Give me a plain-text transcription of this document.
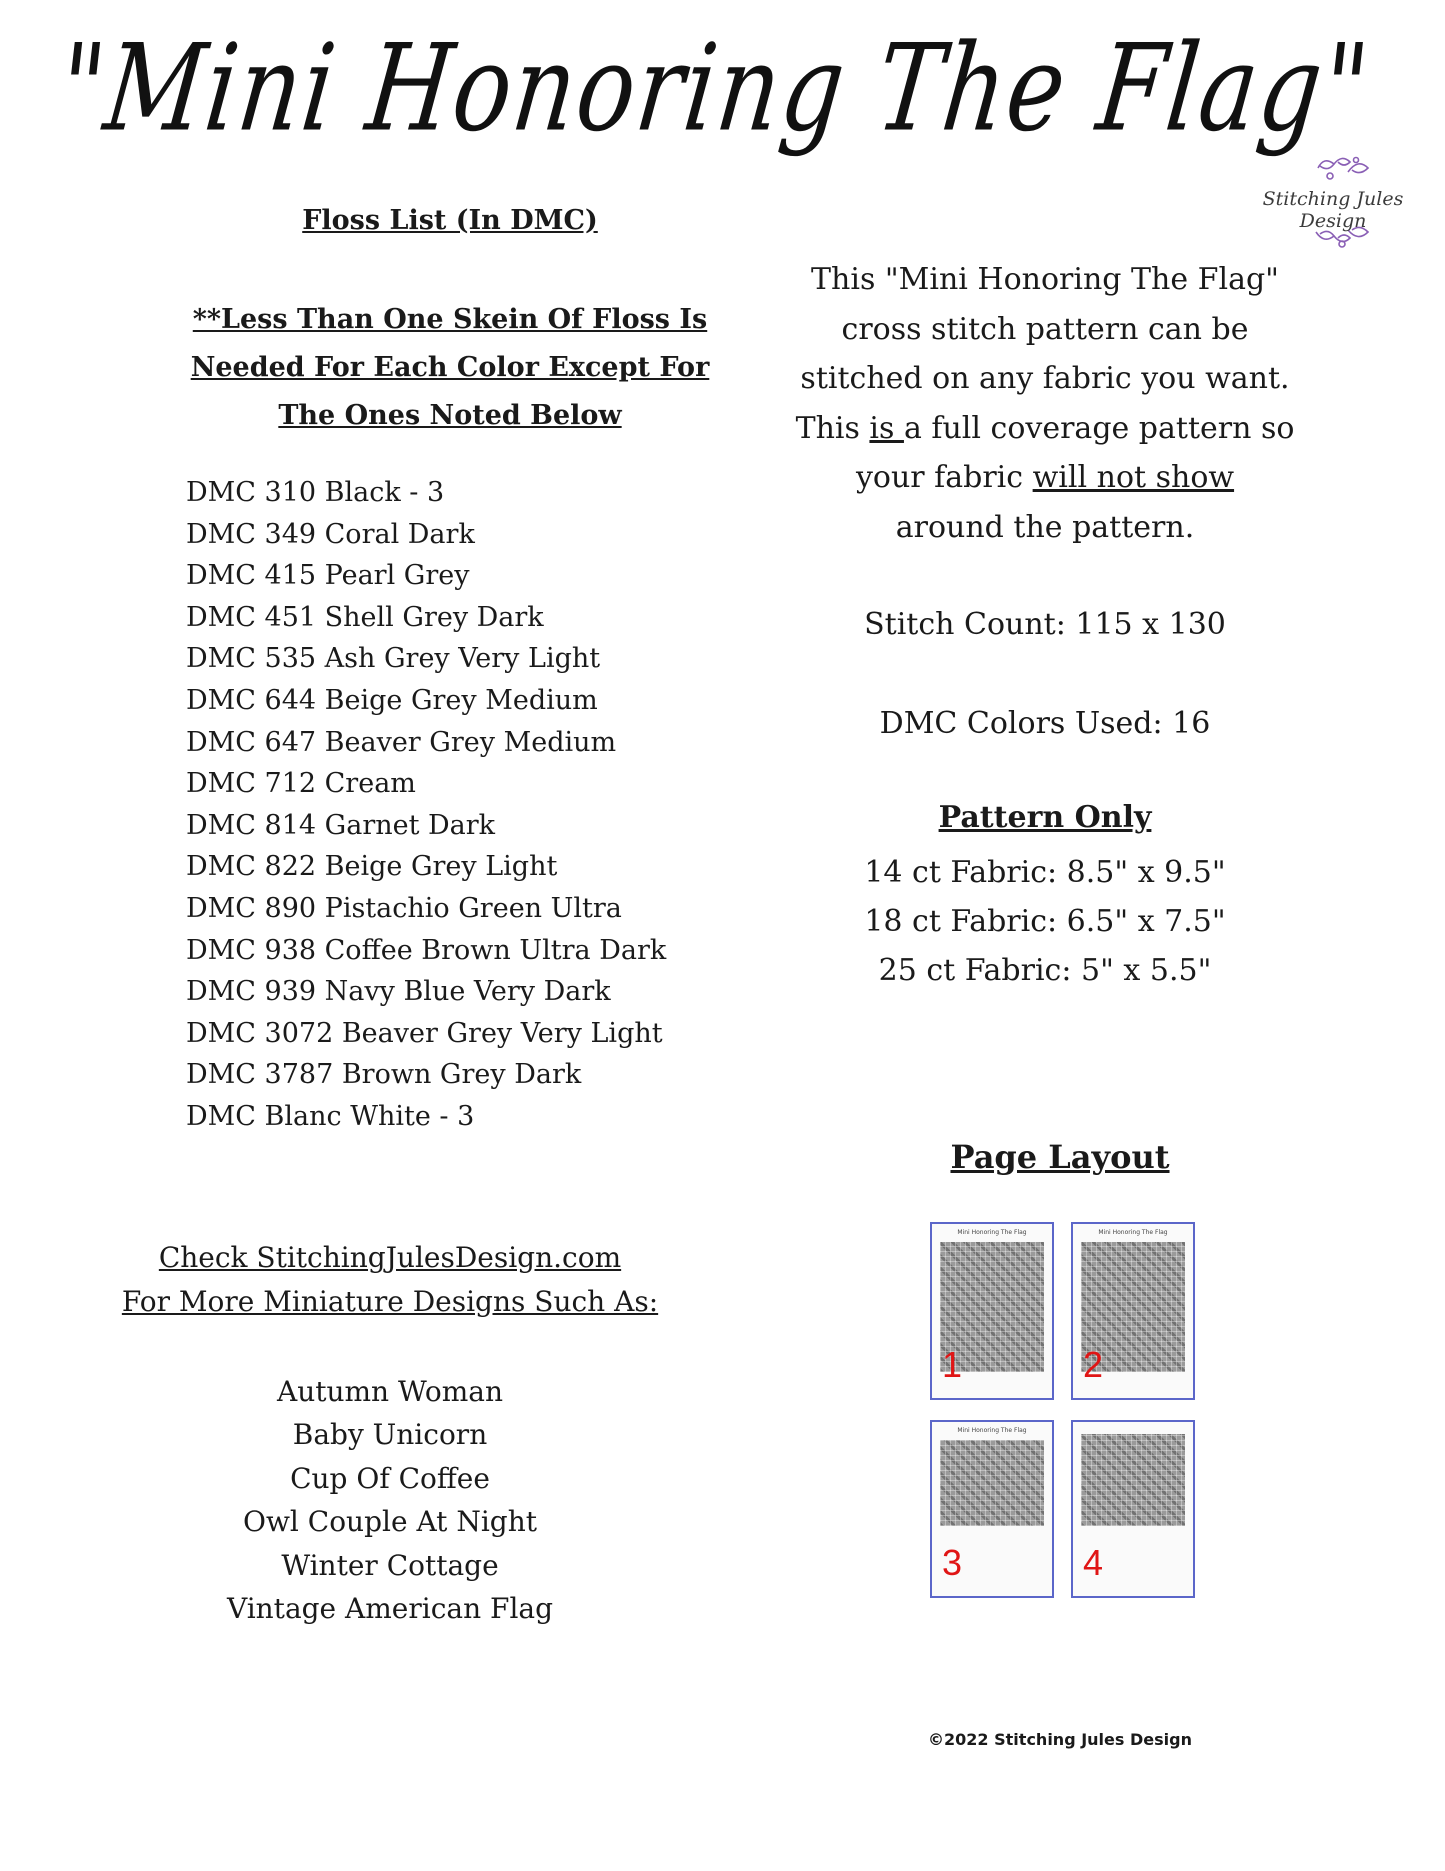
"Mini Honoring The Flag"
Stitching Jules Design
Floss List (In DMC)
**Less Than One Skein Of Floss Is
Needed For Each Color Except For
The Ones Noted Below
DMC 310 Black - 3
DMC 349 Coral Dark
DMC 415 Pearl Grey
DMC 451 Shell Grey Dark
DMC 535 Ash Grey Very Light
DMC 644 Beige Grey Medium
DMC 647 Beaver Grey Medium
DMC 712 Cream
DMC 814 Garnet Dark
DMC 822 Beige Grey Light
DMC 890 Pistachio Green Ultra
DMC 938 Coffee Brown Ultra Dark
DMC 939 Navy Blue Very Dark
DMC 3072 Beaver Grey Very Light
DMC 3787 Brown Grey Dark
DMC Blanc White - 3
Check StitchingJulesDesign.com
For More Miniature Designs Such As:
Autumn Woman
Baby Unicorn
Cup Of Coffee
Owl Couple At Night
Winter Cottage
Vintage American Flag
This "Mini Honoring The Flag"
cross stitch pattern can be
stitched on any fabric you want.
This is a full coverage pattern so
your fabric will not show
around the pattern.
Stitch Count: 115 x 130
DMC Colors Used: 16
Pattern Only
14 ct Fabric: 8.5" x 9.5"
18 ct Fabric: 6.5" x 7.5"
25 ct Fabric: 5" x 5.5"
Page Layout
Mini Honoring The Flag
1
Mini Honoring The Flag
2
Mini Honoring The Flag
3	4
©2022 Stitching Jules Design
